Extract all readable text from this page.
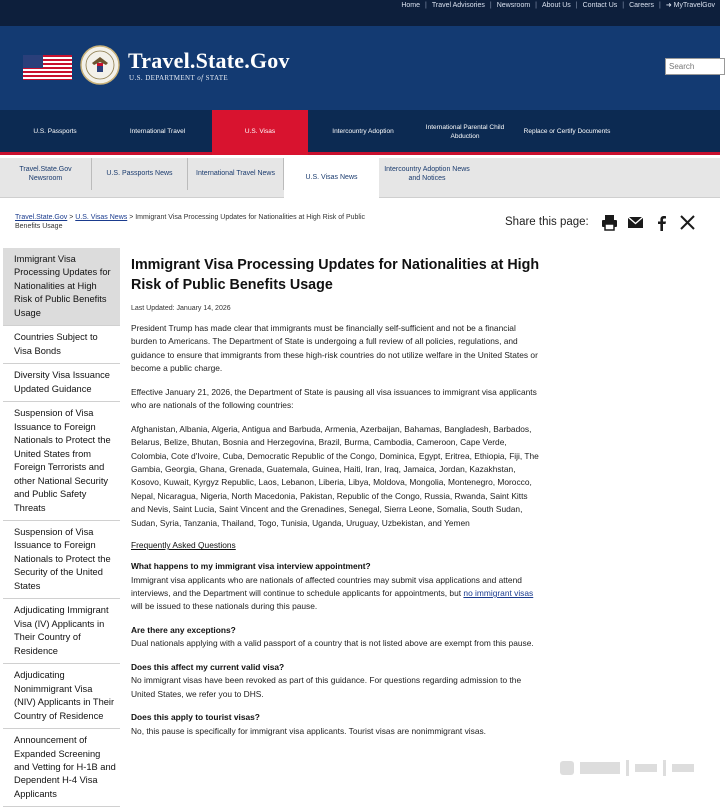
Home | Travel Advisories | Newsroom | About Us | Contact Us | Careers | ➜ MyTravelGov
Travel.State.Gov
U.S. DEPARTMENT of STATE
Search
U.S. Passports	International Travel	U.S. Visas	Intercountry Adoption
International Parental Child Abduction
Replace or Certify Documents
Travel.State.Gov Newsroom
U.S. Passports News	International Travel News
U.S. Visas News
Intercountry Adoption News and Notices
Travel.State.Gov > U.S. Visas News > Immigrant Visa Processing Updates for Nationalities at High Risk of Public Benefits Usage	Share this page:
Immigrant Visa Processing Updates for Nationalities at High Risk of Public Benefits Usage
Countries Subject to Visa Bonds
Diversity Visa Issuance Updated Guidance
Suspension of Visa Issuance to Foreign Nationals to Protect the United States from Foreign Terrorists and other National Security and Public Safety Threats
Suspension of Visa Issuance to Foreign Nationals to Protect the Security of the United States
Adjudicating Immigrant Visa (IV) Applicants in Their Country of Residence
Adjudicating Nonimmigrant Visa (NIV) Applicants in Their Country of Residence
Announcement of Expanded Screening and Vetting for H-1B and Dependent H-4 Visa Applicants
Immigrant Visa Processing Updates for Nationalities at High Risk of Public Benefits Usage
Last Updated: January 14, 2026

President Trump has made clear that immigrants must be financially self-sufficient and not be a financial burden to Americans. The Department of State is undergoing a full review of all policies, regulations, and guidance to ensure that immigrants from these high-risk countries do not utilize welfare in the United States or become a public charge.

Effective January 21, 2026, the Department of State is pausing all visa issuances to immigrant visa applicants who are nationals of the following countries:

Afghanistan, Albania, Algeria, Antigua and Barbuda, Armenia, Azerbaijan, Bahamas, Bangladesh, Barbados, Belarus, Belize, Bhutan, Bosnia and Herzegovina, Brazil, Burma, Cambodia, Cameroon, Cape Verde, Colombia, Cote d'Ivoire, Cuba, Democratic Republic of the Congo, Dominica, Egypt, Eritrea, Ethiopia, Fiji, The Gambia, Georgia, Ghana, Grenada, Guatemala, Guinea, Haiti, Iran, Iraq, Jamaica, Jordan, Kazakhstan, Kosovo, Kuwait, Kyrgyz Republic, Laos, Lebanon, Liberia, Libya, Moldova, Mongolia, Montenegro, Morocco, Nepal, Nicaragua, Nigeria, North Macedonia, Pakistan, Republic of the Congo, Russia, Rwanda, Saint Kitts and Nevis, Saint Lucia, Saint Vincent and the Grenadines, Senegal, Sierra Leone, Somalia, South Sudan, Sudan, Syria, Tanzania, Thailand, Togo, Tunisia, Uganda, Uruguay, Uzbekistan, and Yemen

Frequently Asked Questions
What happens to my immigrant visa interview appointment?
Immigrant visa applicants who are nationals of affected countries may submit visa applications and attend interviews, and the Department will continue to schedule applicants for appointments, but no immigrant visas will be issued to these nationals during this pause.
Are there any exceptions?
Dual nationals applying with a valid passport of a country that is not listed above are exempt from this pause.
Does this affect my current valid visa?
No immigrant visas have been revoked as part of this guidance. For questions regarding admission to the United States, we refer you to DHS.
Does this apply to tourist visas?
No, this pause is specifically for immigrant visa applicants. Tourist visas are nonimmigrant visas.
